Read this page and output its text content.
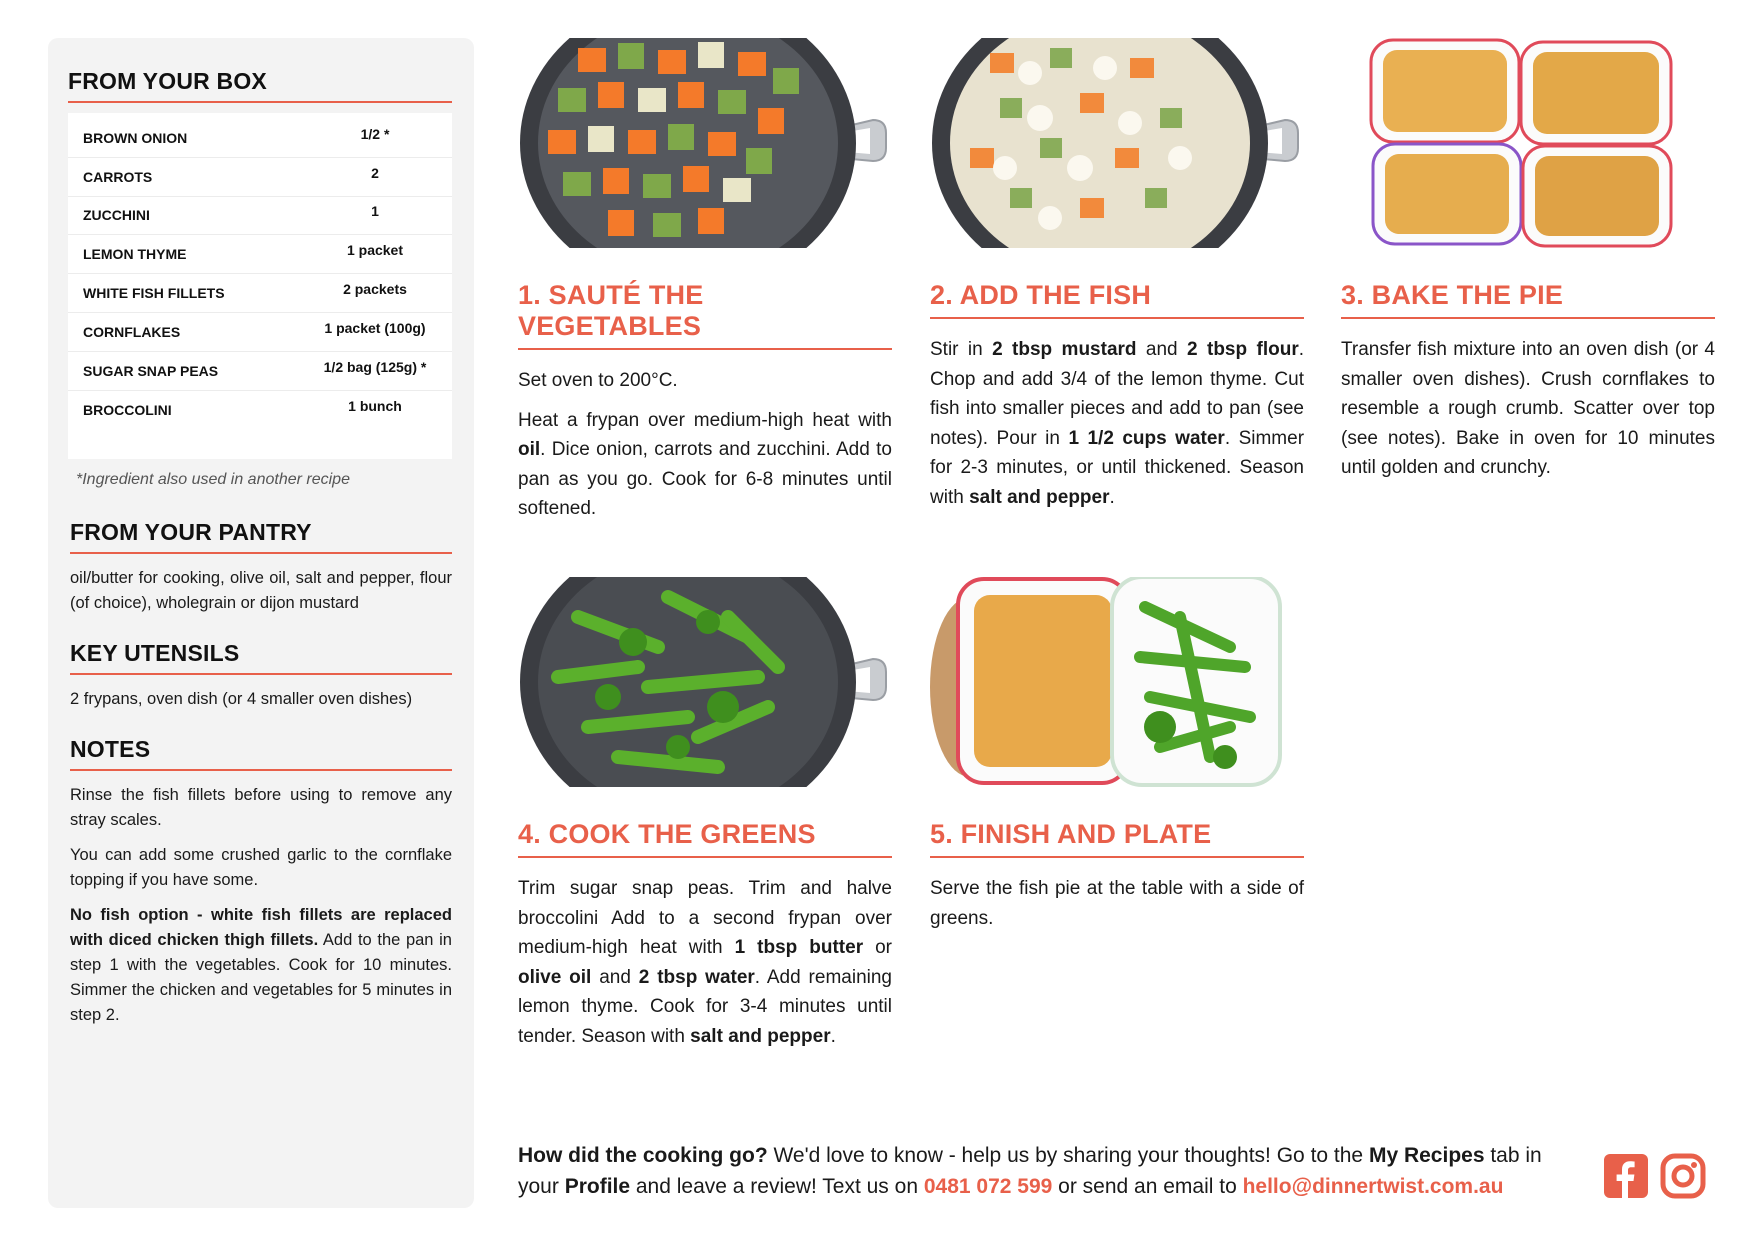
FROM YOUR BOX
BROWN ONION	1/2 *
CARROTS	2
ZUCCHINI	1
LEMON THYME	1 packet
WHITE FISH FILLETS	2 packets
CORNFLAKES	1 packet (100g)
SUGAR SNAP PEAS	1/2 bag (125g) *
BROCCOLINI	1 bunch
*Ingredient also used in another recipe
FROM YOUR PANTRY

oil/butter for cooking, olive oil, salt and pepper, flour (of choice), wholegrain or dijon mustard

KEY UTENSILS

2 frypans, oven dish (or 4 smaller oven dishes)

NOTES

Rinse the fish fillets before using to remove any stray scales.

You can add some crushed garlic to the cornflake topping if you have some.

No fish option - white fish fillets are replaced with diced chicken thigh fillets. Add to the pan in step 1 with the vegetables. Cook for 10 minutes. Simmer the chicken and vegetables for 5 minutes in step 2.

1. SAUTÉ THE VEGETABLES

Set oven to 200°C.

Heat a frypan over medium-high heat with oil. Dice onion, carrots and zucchini. Add to pan as you go. Cook for 6-8 minutes until softened.

2. ADD THE FISH

Stir in 2 tbsp mustard and 2 tbsp flour. Chop and add 3/4 of the lemon thyme. Cut fish into smaller pieces and add to pan (see notes). Pour in 1 1/2 cups water. Simmer for 2-3 minutes, or until thickened. Season with salt and pepper.

3. BAKE THE PIE

Transfer fish mixture into an oven dish (or 4 smaller oven dishes). Crush cornflakes to resemble a rough crumb. Scatter over top (see notes). Bake in oven for 10 minutes until golden and crunchy.

4. COOK THE GREENS

Trim sugar snap peas. Trim and halve broccolini Add to a second frypan over medium-high heat with 1 tbsp butter or olive oil and 2 tbsp water. Add remaining lemon thyme. Cook for 3-4 minutes until tender. Season with salt and pepper.

5. FINISH AND PLATE

Serve the fish pie at the table with a side of greens.

How did the cooking go? We'd love to know - help us by sharing your thoughts! Go to the My Recipes tab in your Profile and leave a review! Text us on 0481 072 599 or send an email to hello@dinnertwist.com.au
